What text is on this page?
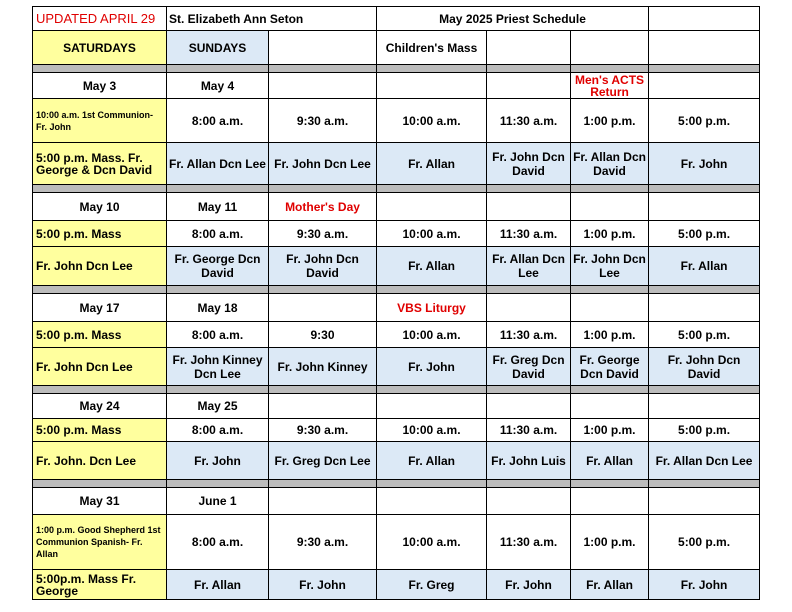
UPDATED APRIL 29	St. Elizabeth Ann Seton		May 2025 Priest Schedule			
SATURDAYS	SUNDAYS		Children's Mass			

May 3	May 4				Men's ACTS Return	
10:00 a.m. 1st Communion- Fr. John	8:00 a.m.	9:30 a.m.	10:00 a.m.	11:30 a.m.	1:00 p.m.	5:00 p.m.
5:00 p.m. Mass. Fr. George & Dcn David	Fr. Allan Dcn Lee	Fr. John Dcn Lee	Fr. Allan	Fr. John Dcn David	Fr. Allan Dcn David	Fr. John

May 10	May 11	Mother's Day				
5:00 p.m. Mass	8:00 a.m.	9:30 a.m.	10:00 a.m.	11:30 a.m.	1:00 p.m.	5:00 p.m.
Fr. John Dcn Lee	Fr. George Dcn David	Fr. John Dcn David	Fr. Allan	Fr. Allan Dcn Lee	Fr. John Dcn Lee	Fr. Allan

May 17	May 18		VBS Liturgy			
5:00 p.m. Mass	8:00 a.m.	9:30	10:00 a.m.	11:30 a.m.	1:00 p.m.	5:00 p.m.
Fr. John Dcn Lee	Fr. John Kinney Dcn Lee	Fr. John Kinney	Fr. John	Fr. Greg Dcn David	Fr. George Dcn David	Fr. John Dcn David

May 24	May 25					
5:00 p.m. Mass	8:00 a.m.	9:30 a.m.	10:00 a.m.	11:30 a.m.	1:00 p.m.	5:00 p.m.
Fr. John. Dcn Lee	Fr. John	Fr. Greg Dcn Lee	Fr. Allan	Fr. John Luis	Fr. Allan	Fr. Allan Dcn Lee

May 31	June 1					
1:00 p.m. Good Shepherd 1st Communion Spanish- Fr. Allan	8:00 a.m.	9:30 a.m.	10:00 a.m.	11:30 a.m.	1:00 p.m.	5:00 p.m.
5:00p.m. Mass Fr. George	Fr. Allan	Fr. John	Fr. Greg	Fr. John	Fr. Allan	Fr. John
